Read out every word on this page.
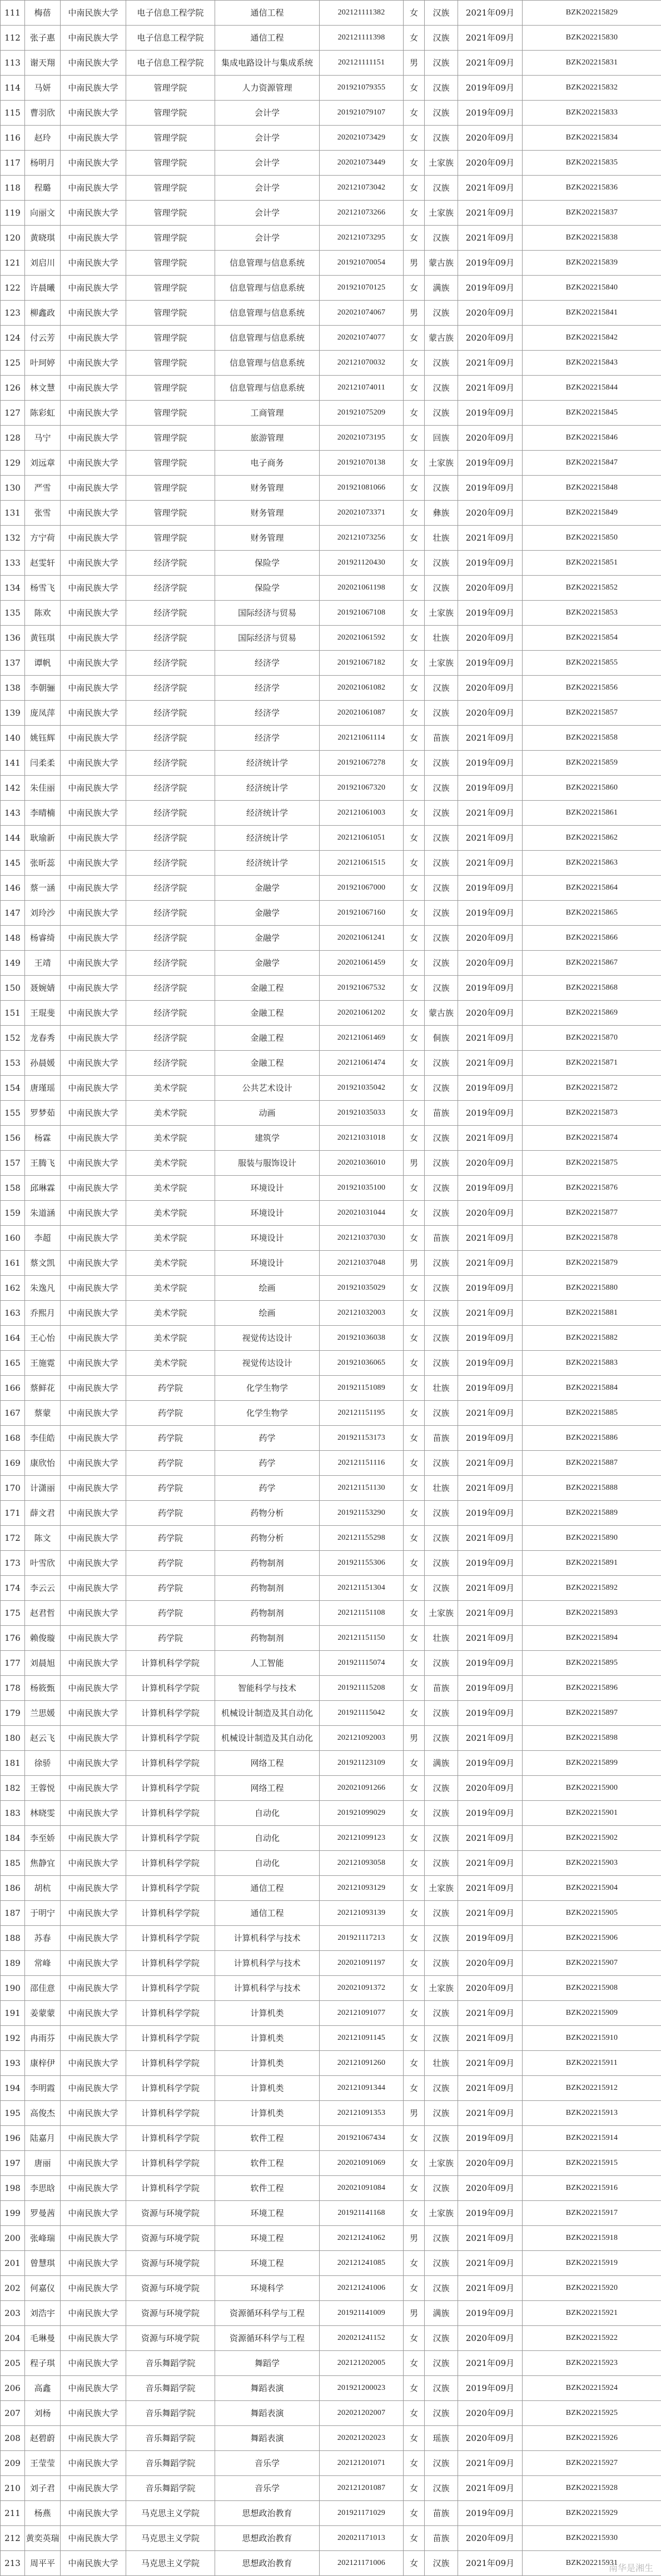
111	梅蓓	中南民族大学	电子信息工程学院	通信工程	202121111382	女	汉族	2021年09月	BZK202215829
112	张子惠	中南民族大学	电子信息工程学院	通信工程	202121111398	女	汉族	2021年09月	BZK202215830
113	谢天翔	中南民族大学	电子信息工程学院	集成电路设计与集成系统	202121111151	男	汉族	2021年09月	BZK202215831
114	马妍	中南民族大学	管理学院	人力资源管理	201921079355	女	汉族	2019年09月	BZK202215832
115	曹羽欣	中南民族大学	管理学院	会计学	201921079107	女	汉族	2019年09月	BZK202215833
116	赵玲	中南民族大学	管理学院	会计学	202021073429	女	汉族	2020年09月	BZK202215834
117	杨明月	中南民族大学	管理学院	会计学	202021073449	女	土家族	2020年09月	BZK202215835
118	程璐	中南民族大学	管理学院	会计学	202121073042	女	汉族	2021年09月	BZK202215836
119	向丽文	中南民族大学	管理学院	会计学	202121073266	女	土家族	2021年09月	BZK202215837
120	黄晓琪	中南民族大学	管理学院	会计学	202121073295	女	汉族	2021年09月	BZK202215838
121	刘启川	中南民族大学	管理学院	信息管理与信息系统	201921070054	男	蒙古族	2019年09月	BZK202215839
122	许晨曦	中南民族大学	管理学院	信息管理与信息系统	201921070125	女	满族	2019年09月	BZK202215840
123	柳鑫政	中南民族大学	管理学院	信息管理与信息系统	202021074067	男	汉族	2020年09月	BZK202215841
124	付云芳	中南民族大学	管理学院	信息管理与信息系统	202021074077	女	蒙古族	2020年09月	BZK202215842
125	叶珂婷	中南民族大学	管理学院	信息管理与信息系统	202121070032	女	汉族	2021年09月	BZK202215843
126	林文慧	中南民族大学	管理学院	信息管理与信息系统	202121074011	女	汉族	2021年09月	BZK202215844
127	陈彩虹	中南民族大学	管理学院	工商管理	201921075209	女	汉族	2019年09月	BZK202215845
128	马宁	中南民族大学	管理学院	旅游管理	202021073195	女	回族	2020年09月	BZK202215846
129	刘远章	中南民族大学	管理学院	电子商务	201921070138	女	土家族	2019年09月	BZK202215847
130	严雪	中南民族大学	管理学院	财务管理	201921081066	女	汉族	2019年09月	BZK202215848
131	张雪	中南民族大学	管理学院	财务管理	202021073371	女	彝族	2020年09月	BZK202215849
132	方宁荷	中南民族大学	管理学院	财务管理	202121073256	女	壮族	2021年09月	BZK202215850
133	赵雯轩	中南民族大学	经济学院	保险学	201921120430	女	汉族	2019年09月	BZK202215851
134	杨雪飞	中南民族大学	经济学院	保险学	202021061198	女	汉族	2020年09月	BZK202215852
135	陈欢	中南民族大学	经济学院	国际经济与贸易	201921067108	女	土家族	2019年09月	BZK202215853
136	黄钰琪	中南民族大学	经济学院	国际经济与贸易	202021061592	女	壮族	2020年09月	BZK202215854
137	谭帆	中南民族大学	经济学院	经济学	201921067182	女	土家族	2019年09月	BZK202215855
138	李朝骊	中南民族大学	经济学院	经济学	202021061082	女	汉族	2020年09月	BZK202215856
139	庞凤萍	中南民族大学	经济学院	经济学	202021061087	女	汉族	2020年09月	BZK202215857
140	姚钰辉	中南民族大学	经济学院	经济学	202121061114	女	苗族	2021年09月	BZK202215858
141	闫柔柔	中南民族大学	经济学院	经济统计学	201921067278	女	汉族	2019年09月	BZK202215859
142	朱佳丽	中南民族大学	经济学院	经济统计学	201921067320	女	汉族	2019年09月	BZK202215860
143	李晴楠	中南民族大学	经济学院	经济统计学	202121061003	女	汉族	2021年09月	BZK202215861
144	耿瑜新	中南民族大学	经济学院	经济统计学	202121061051	女	汉族	2021年09月	BZK202215862
145	张昕蕊	中南民族大学	经济学院	经济统计学	202121061515	女	汉族	2021年09月	BZK202215863
146	蔡一涵	中南民族大学	经济学院	金融学	201921067000	女	汉族	2019年09月	BZK202215864
147	刘玲沙	中南民族大学	经济学院	金融学	201921067160	女	汉族	2019年09月	BZK202215865
148	杨睿绮	中南民族大学	经济学院	金融学	202021061241	女	汉族	2020年09月	BZK202215866
149	王靖	中南民族大学	经济学院	金融学	202021061459	女	汉族	2020年09月	BZK202215867
150	聂婉婧	中南民族大学	经济学院	金融工程	201921067532	女	汉族	2019年09月	BZK202215868
151	王琨斐	中南民族大学	经济学院	金融工程	202021061202	女	蒙古族	2020年09月	BZK202215869
152	龙春秀	中南民族大学	经济学院	金融工程	202121061469	女	侗族	2021年09月	BZK202215870
153	孙晨媛	中南民族大学	经济学院	金融工程	202121061474	女	汉族	2021年09月	BZK202215871
154	唐瑾瑶	中南民族大学	美术学院	公共艺术设计	201921035042	女	汉族	2019年09月	BZK202215872
155	罗梦茹	中南民族大学	美术学院	动画	201921035033	女	苗族	2019年09月	BZK202215873
156	杨霖	中南民族大学	美术学院	建筑学	202121031018	女	汉族	2021年09月	BZK202215874
157	王腾飞	中南民族大学	美术学院	服装与服饰设计	202021036010	男	汉族	2020年09月	BZK202215875
158	邱琳霖	中南民族大学	美术学院	环境设计	201921035100	女	汉族	2019年09月	BZK202215876
159	朱道涵	中南民族大学	美术学院	环境设计	202021031044	女	汉族	2020年09月	BZK202215877
160	李超	中南民族大学	美术学院	环境设计	202121037030	女	苗族	2021年09月	BZK202215878
161	蔡文凯	中南民族大学	美术学院	环境设计	202121037048	男	汉族	2021年09月	BZK202215879
162	朱逸凡	中南民族大学	美术学院	绘画	201921035029	女	汉族	2019年09月	BZK202215880
163	乔熙月	中南民族大学	美术学院	绘画	202121032003	女	汉族	2021年09月	BZK202215881
164	王心怡	中南民族大学	美术学院	视觉传达设计	201921036038	女	汉族	2019年09月	BZK202215882
165	王施霓	中南民族大学	美术学院	视觉传达设计	201921036065	女	汉族	2019年09月	BZK202215883
166	蔡鲜花	中南民族大学	药学院	化学生物学	201921151089	女	壮族	2019年09月	BZK202215884
167	蔡蒙	中南民族大学	药学院	化学生物学	202121151195	女	汉族	2021年09月	BZK202215885
168	李佳皓	中南民族大学	药学院	药学	201921153173	女	苗族	2019年09月	BZK202215886
169	康欣怡	中南民族大学	药学院	药学	202121151116	女	汉族	2021年09月	BZK202215887
170	计潇丽	中南民族大学	药学院	药学	202121151130	女	壮族	2021年09月	BZK202215888
171	薛文君	中南民族大学	药学院	药物分析	201921153290	女	汉族	2019年09月	BZK202215889
172	陈文	中南民族大学	药学院	药物分析	202121155298	女	汉族	2021年09月	BZK202215890
173	叶雪欣	中南民族大学	药学院	药物制剂	201921155306	女	汉族	2019年09月	BZK202215891
174	李云云	中南民族大学	药学院	药物制剂	202121151304	女	汉族	2021年09月	BZK202215892
175	赵君哲	中南民族大学	药学院	药物制剂	202121151108	女	土家族	2021年09月	BZK202215893
176	赖俊璇	中南民族大学	药学院	药物制剂	202121151150	女	壮族	2021年09月	BZK202215894
177	刘晨旭	中南民族大学	计算机科学学院	人工智能	201921115074	女	汉族	2019年09月	BZK202215895
178	杨筱甄	中南民族大学	计算机科学学院	智能科学与技术	201921115208	女	苗族	2019年09月	BZK202215896
179	兰思媛	中南民族大学	计算机科学学院	机械设计制造及其自动化	201921115042	女	汉族	2019年09月	BZK202215897
180	赵云飞	中南民族大学	计算机科学学院	机械设计制造及其自动化	202121092003	男	汉族	2021年09月	BZK202215898
181	徐骄	中南民族大学	计算机科学学院	网络工程	201921123109	女	满族	2019年09月	BZK202215899
182	王蓉悦	中南民族大学	计算机科学学院	网络工程	202021091266	女	汉族	2020年09月	BZK202215900
183	林晓雯	中南民族大学	计算机科学学院	自动化	201921099029	女	汉族	2019年09月	BZK202215901
184	李至娇	中南民族大学	计算机科学学院	自动化	202121099123	女	汉族	2021年09月	BZK202215902
185	焦静宜	中南民族大学	计算机科学学院	自动化	202121093058	女	汉族	2021年09月	BZK202215903
186	胡杭	中南民族大学	计算机科学学院	通信工程	202121093129	女	土家族	2021年09月	BZK202215904
187	于明宁	中南民族大学	计算机科学学院	通信工程	202121093139	女	汉族	2021年09月	BZK202215905
188	苏春	中南民族大学	计算机科学学院	计算机科学与技术	201921117213	女	汉族	2019年09月	BZK202215906
189	常峰	中南民族大学	计算机科学学院	计算机科学与技术	202021091197	女	汉族	2020年09月	BZK202215907
190	邵佳意	中南民族大学	计算机科学学院	计算机科学与技术	202021091372	女	土家族	2020年09月	BZK202215908
191	姜蒙蒙	中南民族大学	计算机科学学院	计算机类	202121091077	女	汉族	2021年09月	BZK202215909
192	冉雨芬	中南民族大学	计算机科学学院	计算机类	202121091145	女	汉族	2021年09月	BZK202215910
193	康梓伊	中南民族大学	计算机科学学院	计算机类	202121091260	女	壮族	2021年09月	BZK202215911
194	李明霞	中南民族大学	计算机科学学院	计算机类	202121091344	女	汉族	2021年09月	BZK202215912
195	高俊杰	中南民族大学	计算机科学学院	计算机类	202121091353	男	汉族	2021年09月	BZK202215913
196	陆嘉月	中南民族大学	计算机科学学院	软件工程	201921067434	女	汉族	2019年09月	BZK202215914
197	唐丽	中南民族大学	计算机科学学院	软件工程	202021091069	女	土家族	2020年09月	BZK202215915
198	李思晗	中南民族大学	计算机科学学院	软件工程	202021091084	女	汉族	2020年09月	BZK202215916
199	罗曼茜	中南民族大学	资源与环境学院	环境工程	201921141168	女	土家族	2019年09月	BZK202215917
200	张峰瑞	中南民族大学	资源与环境学院	环境工程	202121241062	男	汉族	2021年09月	BZK202215918
201	曾慧琪	中南民族大学	资源与环境学院	环境工程	202121241085	女	汉族	2021年09月	BZK202215919
202	何嘉仪	中南民族大学	资源与环境学院	环境科学	202121241006	女	汉族	2021年09月	BZK202215920
203	刘浩宇	中南民族大学	资源与环境学院	资源循环科学与工程	201921141009	男	满族	2019年09月	BZK202215921
204	毛琳曼	中南民族大学	资源与环境学院	资源循环科学与工程	202021241152	女	汉族	2020年09月	BZK202215922
205	程子琪	中南民族大学	音乐舞蹈学院	舞蹈学	202121202005	女	汉族	2021年09月	BZK202215923
206	高鑫	中南民族大学	音乐舞蹈学院	舞蹈表演	201921200023	女	汉族	2019年09月	BZK202215924
207	刘杨	中南民族大学	音乐舞蹈学院	舞蹈表演	202021202007	女	汉族	2020年09月	BZK202215925
208	赵碧蔚	中南民族大学	音乐舞蹈学院	舞蹈表演	202021202023	女	瑶族	2020年09月	BZK202215926
209	王莹莹	中南民族大学	音乐舞蹈学院	音乐学	202121201071	女	汉族	2021年09月	BZK202215927
210	刘子君	中南民族大学	音乐舞蹈学院	音乐学	202121201087	女	汉族	2021年09月	BZK202215928
211	杨燕	中南民族大学	马克思主义学院	思想政治教育	201921171029	女	苗族	2019年09月	BZK202215929
212	黄奕英瑞	中南民族大学	马克思主义学院	思想政治教育	202021171013	女	苗族	2020年09月	BZK202215930
213	周平平	中南民族大学	马克思主义学院	思想政治教育	202121171006	女	汉族	2021年09月	BZK202215931
南华是湘生
